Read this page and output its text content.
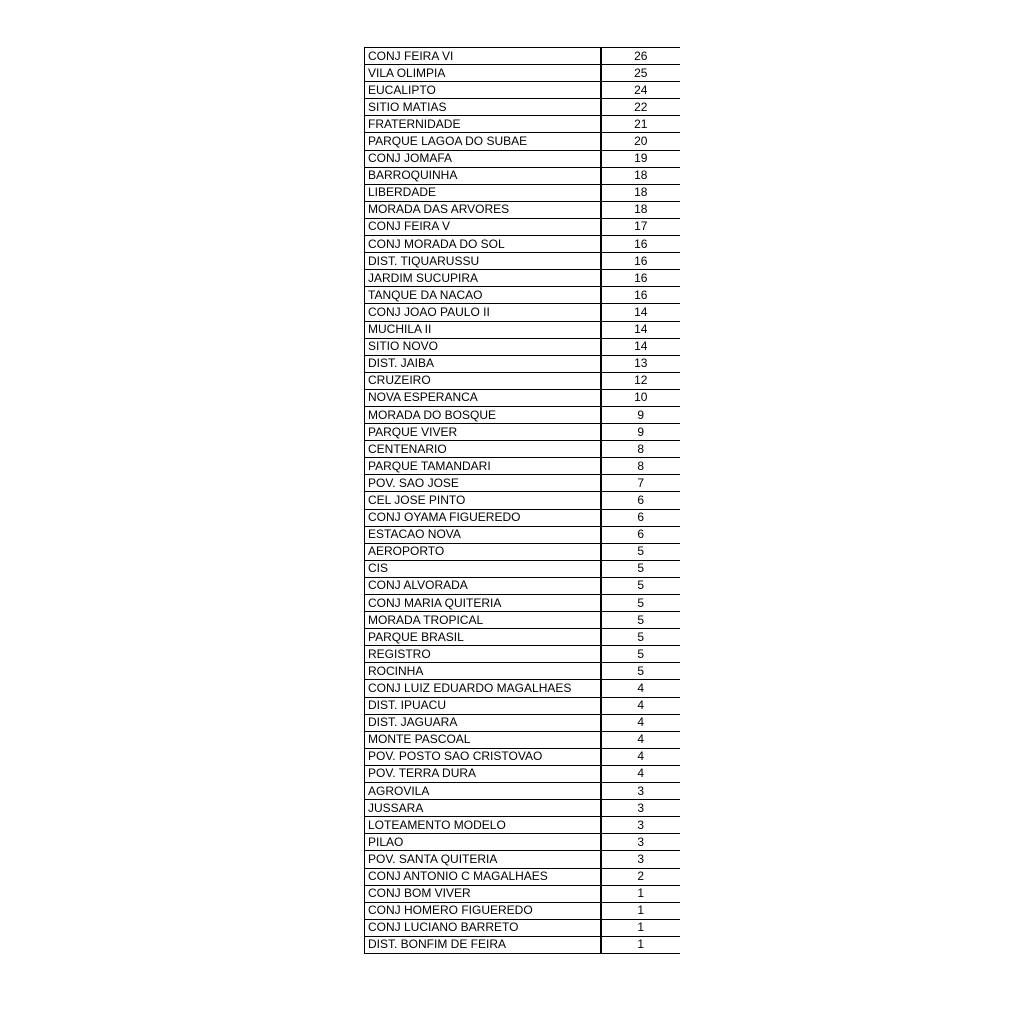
CONJ FEIRA VI	26
VILA OLIMPIA	25
EUCALIPTO	24
SITIO MATIAS	22
FRATERNIDADE	21
PARQUE LAGOA DO SUBAE	20
CONJ JOMAFA	19
BARROQUINHA	18
LIBERDADE	18
MORADA DAS ARVORES	18
CONJ FEIRA V	17
CONJ MORADA DO SOL	16
DIST. TIQUARUSSU	16
JARDIM SUCUPIRA	16
TANQUE DA NACAO	16
CONJ JOAO PAULO II	14
MUCHILA II	14
SITIO NOVO	14
DIST. JAIBA	13
CRUZEIRO	12
NOVA ESPERANCA	10
MORADA DO BOSQUE	9
PARQUE VIVER	9
CENTENARIO	8
PARQUE TAMANDARI	8
POV. SAO JOSE	7
CEL JOSE PINTO	6
CONJ OYAMA FIGUEREDO	6
ESTACAO NOVA	6
AEROPORTO	5
CIS	5
CONJ ALVORADA	5
CONJ MARIA QUITERIA	5
MORADA TROPICAL	5
PARQUE BRASIL	5
REGISTRO	5
ROCINHA	5
CONJ LUIZ EDUARDO MAGALHAES	4
DIST. IPUACU	4
DIST. JAGUARA	4
MONTE PASCOAL	4
POV. POSTO SAO CRISTOVAO	4
POV. TERRA DURA	4
AGROVILA	3
JUSSARA	3
LOTEAMENTO MODELO	3
PILAO	3
POV. SANTA QUITERIA	3
CONJ ANTONIO C MAGALHAES	2
CONJ BOM VIVER	1
CONJ HOMERO FIGUEREDO	1
CONJ LUCIANO BARRETO	1
DIST. BONFIM DE FEIRA	1
